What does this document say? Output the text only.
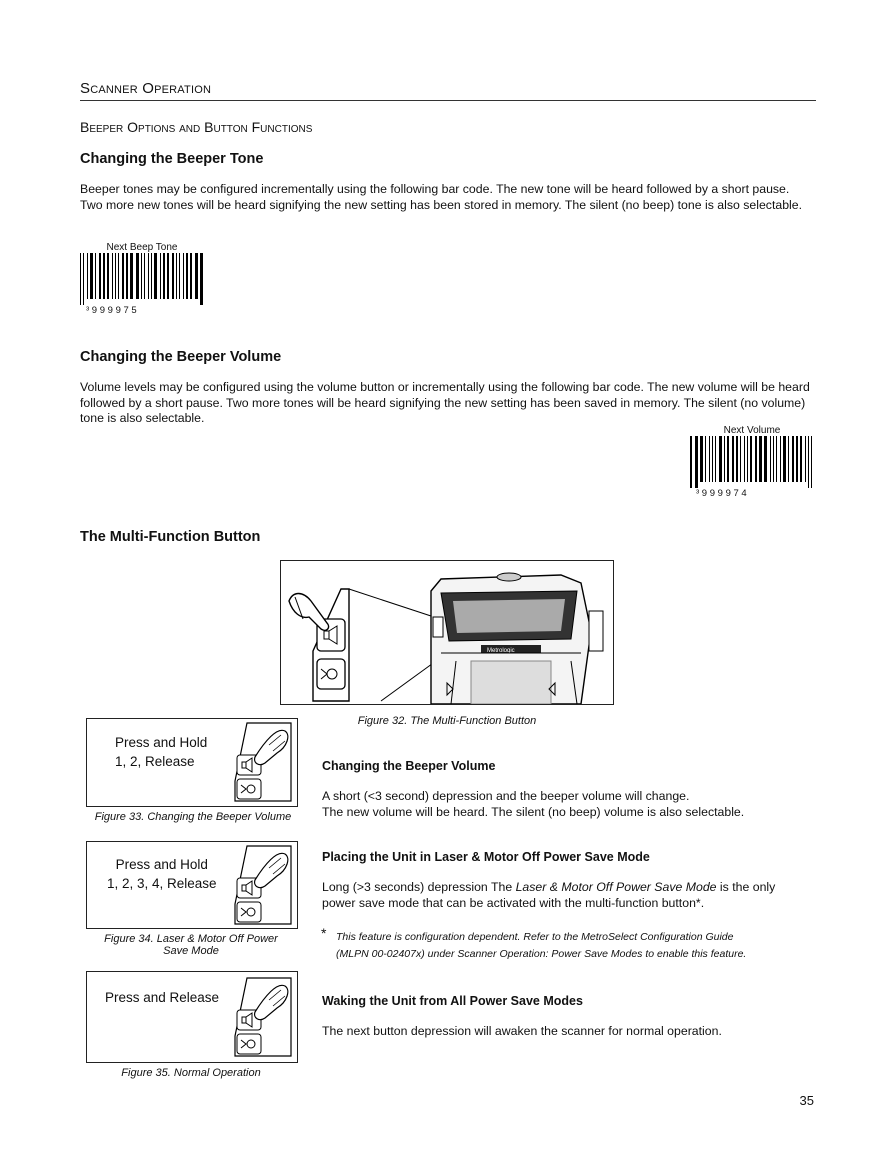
Scanner Operation
Beeper Options and Button Functions
Changing the Beeper Tone
Beeper tones may be configured incrementally using the following bar code. The new tone will be heard followed by a short pause. Two more new tones will be heard signifying the new setting has been stored in memory. The silent (no beep) tone is also selectable.
Next Beep Tone
³ 9 9 9 9 7 5
Changing the Beeper Volume
Volume levels may be configured using the volume button or incrementally using the following bar code. The new volume will be heard followed by a short pause. Two more tones will be heard signifying the new setting has been saved in memory. The silent (no volume) tone is also selectable.
Next Volume
³ 9 9 9 9 7 4
The Multi-Function Button
Metrologic
Figure 32. The Multi-Function Button
Press and Hold
1, 2, Release
Figure 33. Changing the Beeper Volume
Press and Hold
1, 2, 3, 4, Release
Figure 34. Laser & Motor Off Power
Save Mode
Press and Release
Figure 35. Normal Operation
Changing the Beeper Volume
A short (<3 second) depression and the beeper volume will change.
The new volume will be heard. The silent (no beep) volume is also selectable.
Placing the Unit in Laser & Motor Off Power Save Mode
Long (>3 seconds) depression The Laser & Motor Off Power Save Mode is the only power save mode that can be activated with the multi-function button*.
* This feature is configuration dependent. Refer to the MetroSelect Configuration Guide
(MLPN 00-02407x) under Scanner Operation: Power Save Modes to enable this feature.
Waking the Unit from All Power Save Modes
The next button depression will awaken the scanner for normal operation.
35
